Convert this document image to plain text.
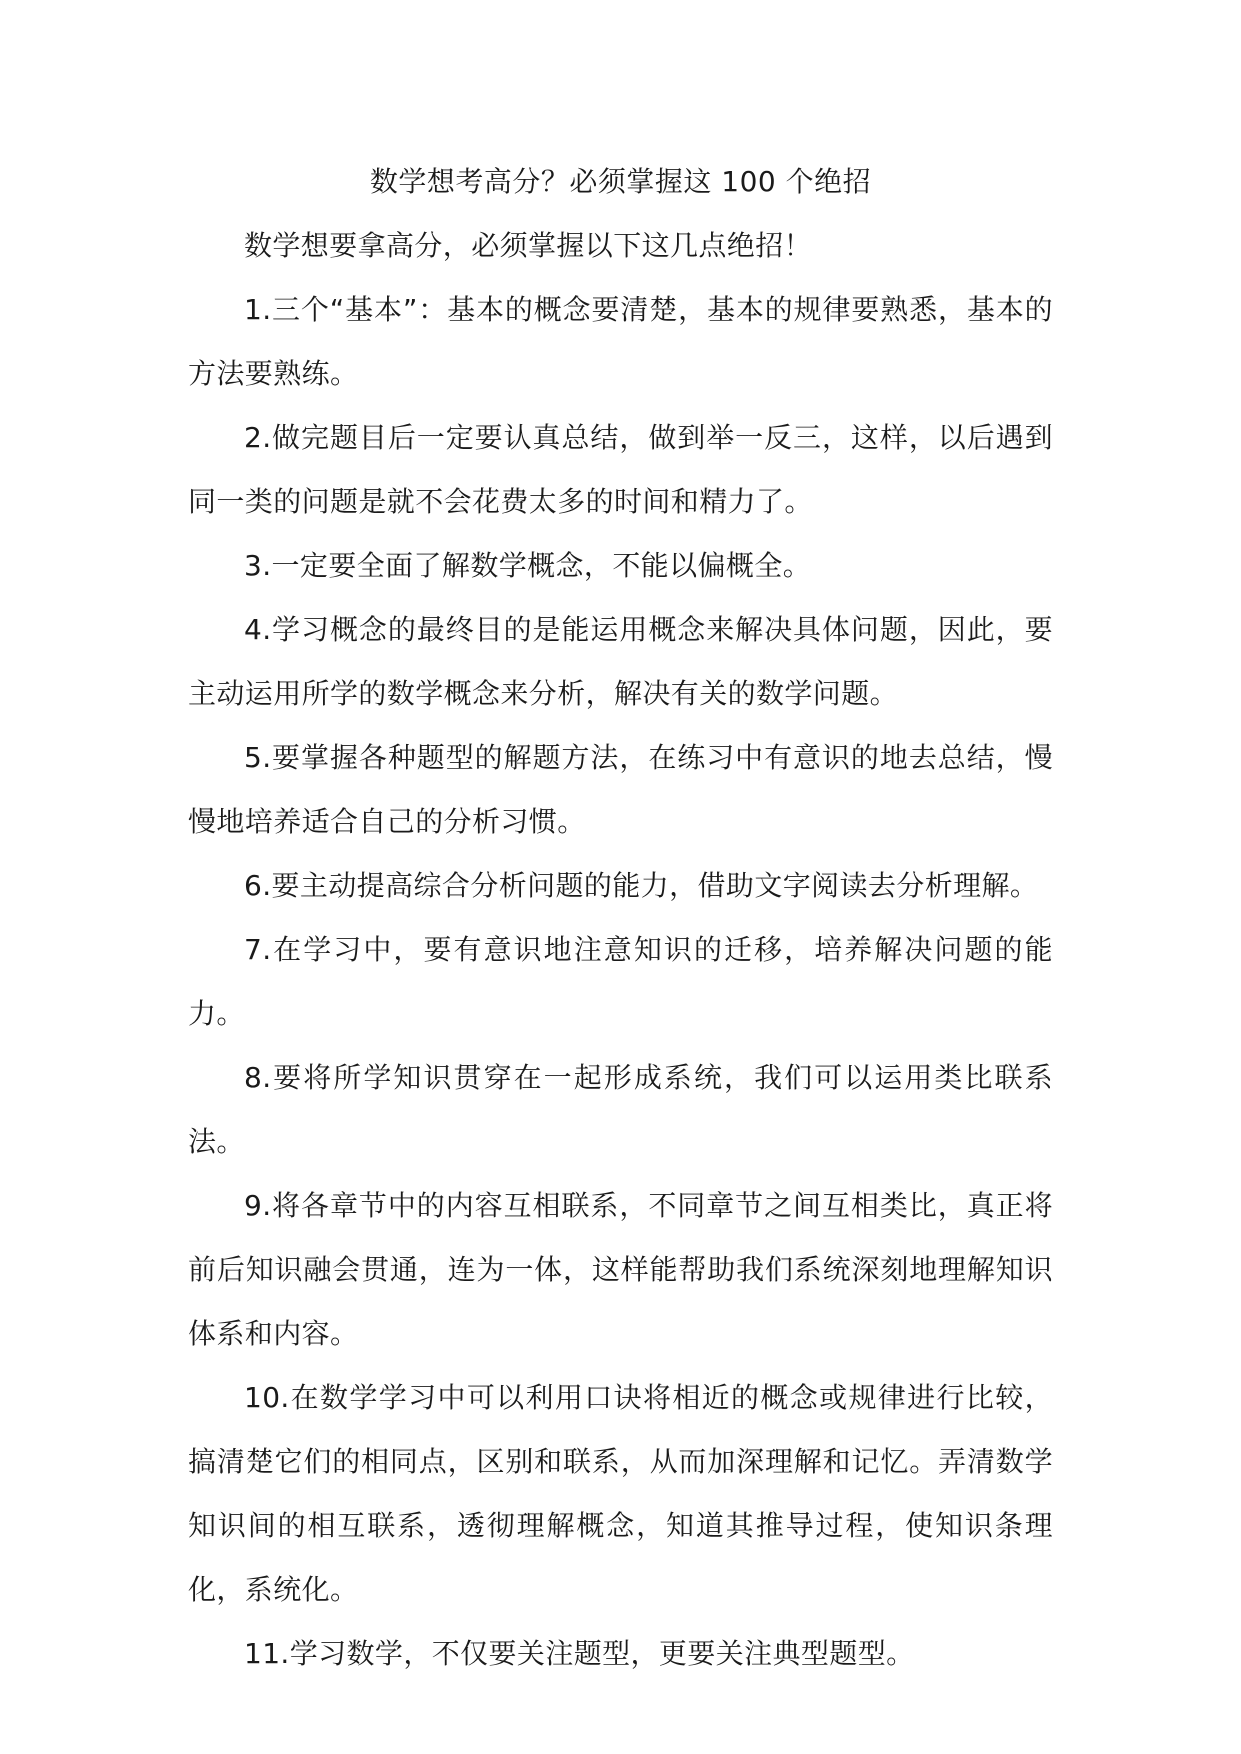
数学想考高分？必须掌握这 100 个绝招

数学想要拿高分，必须掌握以下这几点绝招！

1.三个“基本”：基本的概念要清楚，基本的规律要熟悉，基本的方法要熟练。

2.做完题目后一定要认真总结，做到举一反三，这样，以后遇到同一类的问题是就不会花费太多的时间和精力了。

3.一定要全面了解数学概念，不能以偏概全。

4.学习概念的最终目的是能运用概念来解决具体问题，因此，要主动运用所学的数学概念来分析，解决有关的数学问题。

5.要掌握各种题型的解题方法，在练习中有意识的地去总结，慢慢地培养适合自己的分析习惯。

6.要主动提高综合分析问题的能力，借助文字阅读去分析理解。

7.在学习中，要有意识地注意知识的迁移，培养解决问题的能力。

8.要将所学知识贯穿在一起形成系统，我们可以运用类比联系法。

9.将各章节中的内容互相联系，不同章节之间互相类比，真正将前后知识融会贯通，连为一体，这样能帮助我们系统深刻地理解知识体系和内容。

10.在数学学习中可以利用口诀将相近的概念或规律进行比较，搞清楚它们的相同点，区别和联系，从而加深理解和记忆。弄清数学知识间的相互联系，透彻理解概念，知道其推导过程，使知识条理化，系统化。

11.学习数学，不仅要关注题型，更要关注典型题型。
